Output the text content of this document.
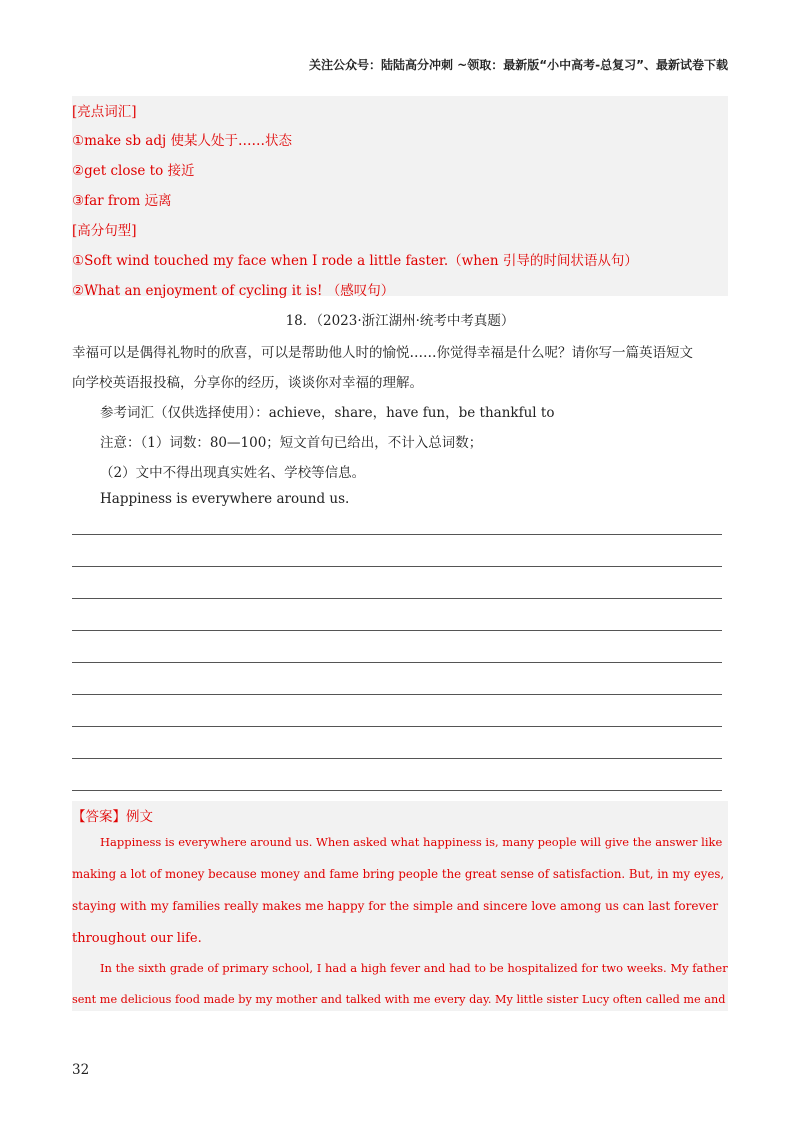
关注公众号：陆陆高分冲刺 ~领取：最新版“小中高考-总复习”、最新试卷下载
[亮点词汇]
①make sb adj 使某人处于……状态
②get close to 接近
③far from 远离
[高分句型]
①Soft wind touched my face when I rode a little faster.（when 引导的时间状语从句）
②What an enjoyment of cycling it is! （感叹句）
18．（2023·浙江湖州·统考中考真题）
幸福可以是偶得礼物时的欣喜，可以是帮助他人时的愉悦……你觉得幸福是什么呢？请你写一篇英语短文
向学校英语报投稿，分享你的经历，谈谈你对幸福的理解。
参考词汇（仅供选择使用）：achieve，share，have fun，be thankful to
注意：（1）词数：80—100；短文首句已给出，不计入总词数；
（2）文中不得出现真实姓名、学校等信息。
Happiness is everywhere around us.
【答案】例文
Happiness is everywhere around us. When asked what happiness is, many people will give the answer like
making a lot of money because money and fame bring people the great sense of satisfaction. But, in my eyes,
staying with my families really makes me happy for the simple and sincere love among us can last forever
throughout our life.
In the sixth grade of primary school, I had a high fever and had to be hospitalized for two weeks. My father
sent me delicious food made by my mother and talked with me every day. My little sister Lucy often called me and
32
